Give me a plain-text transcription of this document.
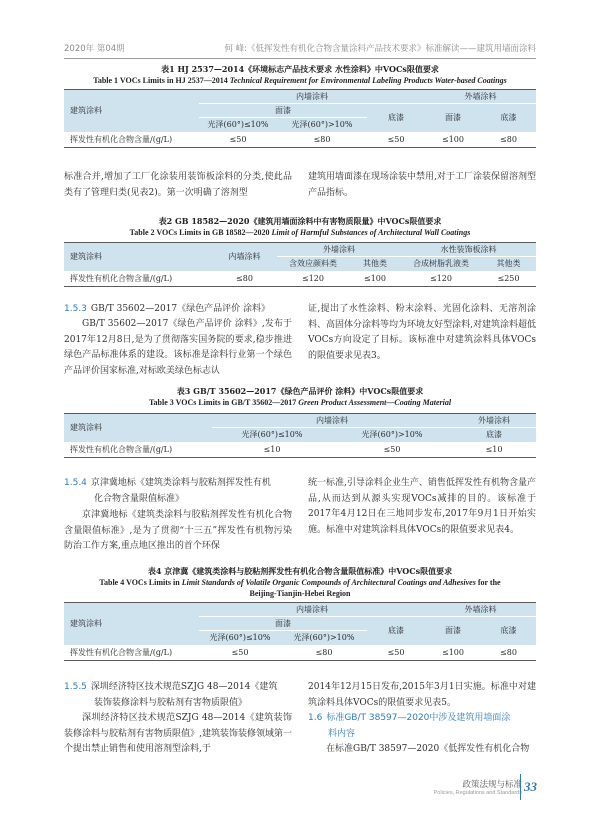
2020年 第04期	何 峰:《低挥发性有机化合物含量涂料产品技术要求》标准解读——建筑用墙面涂料
表1 HJ 2537—2014《环境标志产品技术要求 水性涂料》中VOCs限值要求
Table 1 VOCs Limits in HJ 2537—2014 Technical Requirement for Environmental Labeling Products Water-based Coatings
建筑涂料	内墙涂料			外墙涂料	
	面漆		底漆	面漆	底漆
	光泽(60°)≤10%	光泽(60°)>10%			
挥发性有机化合物含量/(g/L)	≤50	≤80	≤50	≤100	≤80

标准合并,增加了工厂化涂装用装饰板涂料的分类,使此品类有了管理归类(见表2)。第一次明确了溶剂型

建筑用墙面漆在现场涂装中禁用,对于工厂涂装保留溶剂型产品指标。

表2 GB 18582—2020《建筑用墙面涂料中有害物质限量》中VOCs限值要求
Table 2 VOCs Limits in GB 18582—2020 Limit of Harmful Substances of Architectural Wall Coatings
建筑涂料	内墙涂料	外墙涂料		水性装饰板涂料	
		含效应颜料类	其他类	合成树脂乳液类	其他类
挥发性有机化合物含量/(g/L)	≤80	≤120	≤100	≤120	≤250
1.5.3 GB/T 35602—2017《绿色产品评价 涂料》

GB/T 35602—2017《绿色产品评价 涂料》,发布于2017年12月8日,是为了贯彻落实国务院的要求,稳步推进绿色产品标准体系的建设。该标准是涂料行业第一个绿色产品评价国家标准,对标欧美绿色标志认

证,提出了水性涂料、粉末涂料、光固化涂料、无溶剂涂料、高固体分涂料等均为环境友好型涂料,对建筑涂料超低VOCs方向设定了目标。该标准中对建筑涂料具体VOCs的限值要求见表3。

表3 GB/T 35602—2017《绿色产品评价 涂料》中VOCs限值要求
Table 3 VOCs Limits in GB/T 35602—2017 Green Product Assessment—Coating Material
建筑涂料	内墙涂料		外墙涂料
	光泽(60°)≤10%	光泽(60°)>10%	底漆
挥发性有机化合物含量/(g/L)	≤10	≤50	≤10
1.5.4 京津冀地标《建筑类涂料与胶粘剂挥发性有机
化合物含量限值标准》

京津冀地标《建筑类涂料与胶粘剂挥发性有机化合物含量限值标准》,是为了贯彻“十三五”挥发性有机物污染防治工作方案,重点地区推出的首个环保

统一标准,引导涂料企业生产、销售低挥发性有机物含量产品,从而达到从源头实现VOCs减排的目的。该标准于2017年4月12日在三地同步发布,2017年9月1日开始实施。标准中对建筑涂料具体VOCs的限值要求见表4。

表4 京津冀《建筑类涂料与胶粘剂挥发性有机化合物含量限值标准》中VOCs限值要求
Table 4 VOCs Limits in Limit Standards of Volatile Organic Compounds of Architectural Coatings and Adhesives for the
Beijing-Tianjin-Hebei Region
建筑涂料	内墙涂料			外墙涂料	
	面漆		底漆	面漆	底漆
	光泽(60°)≤10%	光泽(60°)>10%			
挥发性有机化合物含量/(g/L)	≤50	≤80	≤50	≤100	≤80
1.5.5 深圳经济特区技术规范SZJG 48—2014《建筑
装饰装修涂料与胶粘剂有害物质限值》

深圳经济特区技术规范SZJG 48—2014《建筑装饰装修涂料与胶粘剂有害物质限值》,建筑装饰装修领域第一个提出禁止销售和使用溶剂型涂料,于

2014年12月15日发布,2015年3月1日实施。标准中对建筑涂料具体VOCs的限值要求见表5。

1.6 标准GB/T 38597—2020中涉及建筑用墙面涂
料内容

在标准GB/T 38597—2020《低挥发性有机化合物

政策法规与标准
Policies, Regulations and Standards 33
